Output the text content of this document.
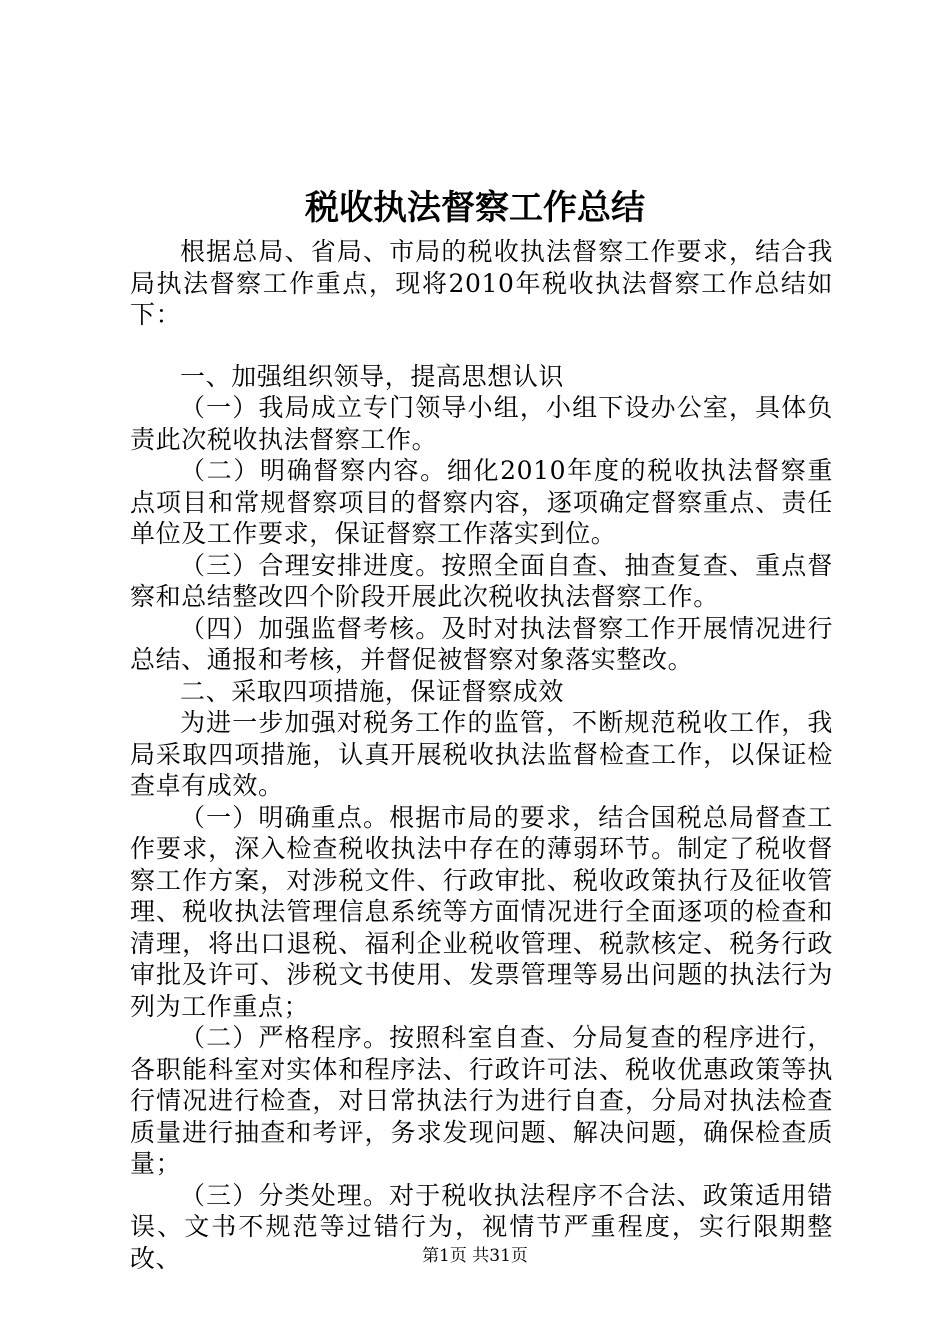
税收执法督察工作总结

根据总局、省局、市局的税收执法督察工作要求，结合我局执法督察工作重点，现将2010年税收执法督察工作总结如下：

一、加强组织领导，提高思想认识

（一）我局成立专门领导小组，小组下设办公室，具体负责此次税收执法督察工作。

（二）明确督察内容。细化2010年度的税收执法督察重点项目和常规督察项目的督察内容，逐项确定督察重点、责任单位及工作要求，保证督察工作落实到位。

（三）合理安排进度。按照全面自查、抽查复查、重点督察和总结整改四个阶段开展此次税收执法督察工作。

（四）加强监督考核。及时对执法督察工作开展情况进行总结、通报和考核，并督促被督察对象落实整改。

二、采取四项措施，保证督察成效

为进一步加强对税务工作的监管，不断规范税收工作，我局采取四项措施，认真开展税收执法监督检查工作，以保证检查卓有成效。

（一）明确重点。根据市局的要求，结合国税总局督查工作要求，深入检查税收执法中存在的薄弱环节。制定了税收督察工作方案，对涉税文件、行政审批、税收政策执行及征收管理、税收执法管理信息系统等方面情况进行全面逐项的检查和清理，将出口退税、福利企业税收管理、税款核定、税务行政审批及许可、涉税文书使用、发票管理等易出问题的执法行为列为工作重点；

（二）严格程序。按照科室自查、分局复查的程序进行，各职能科室对实体和程序法、行政许可法、税收优惠政策等执行情况进行检查，对日常执法行为进行自查，分局对执法检查质量进行抽查和考评，务求发现问题、解决问题，确保检查质量；

（三）分类处理。对于税收执法程序不合法、政策适用错误、文书不规范等过错行为，视情节严重程度，实行限期整改、	第1页 共31页
